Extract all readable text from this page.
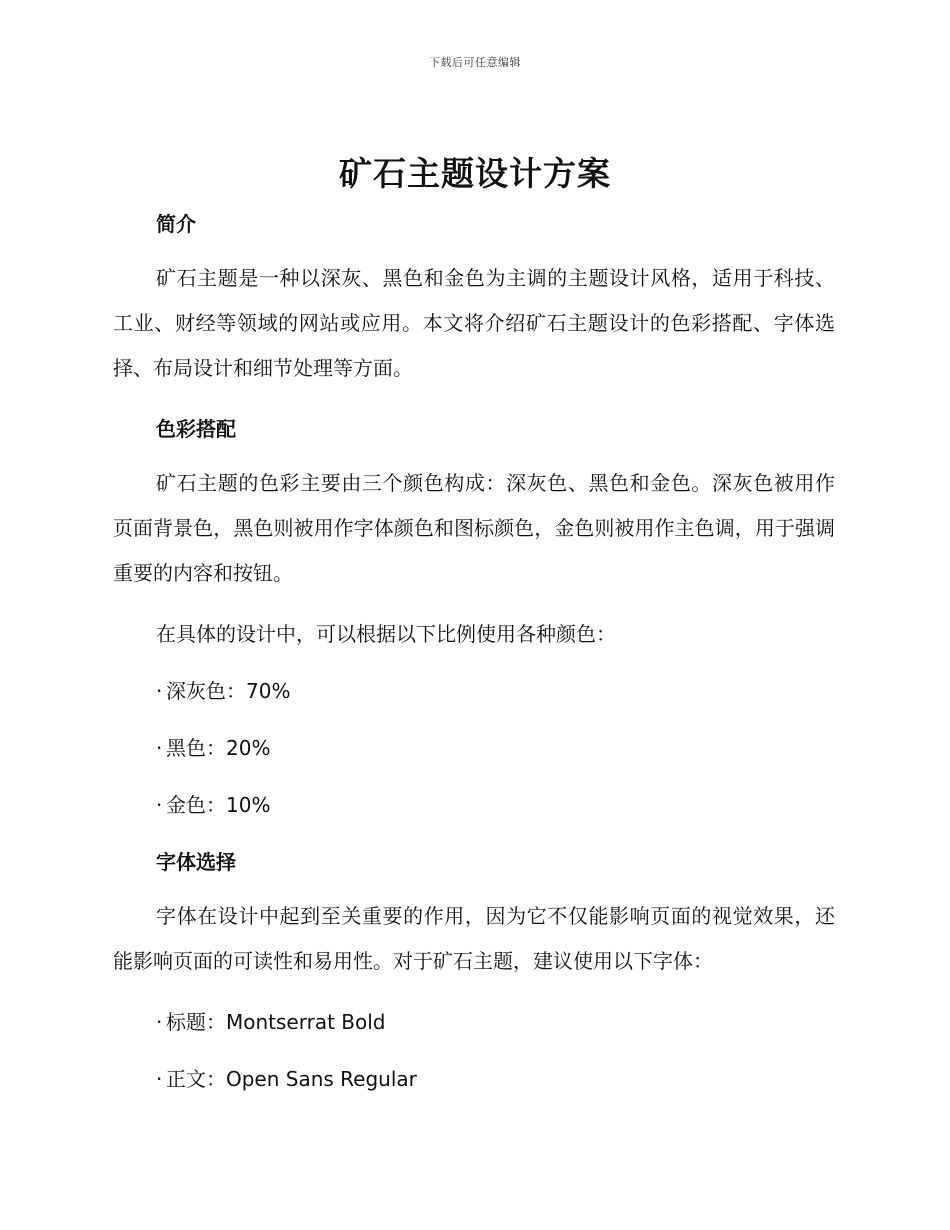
下载后可任意编辑
矿石主题设计方案
简介

矿石主题是一种以深灰、黑色和金色为主调的主题设计风格，适用于科技、工业、财经等领域的网站或应用。本文将介绍矿石主题设计的色彩搭配、字体选择、布局设计和细节处理等方面。

色彩搭配

矿石主题的色彩主要由三个颜色构成：深灰色、黑色和金色。深灰色被用作页面背景色，黑色则被用作字体颜色和图标颜色，金色则被用作主色调，用于强调重要的内容和按钮。

在具体的设计中，可以根据以下比例使用各种颜色：

· 深灰色：70%
· 黑色：20%
· 金色：10%
字体选择

字体在设计中起到至关重要的作用，因为它不仅能影响页面的视觉效果，还能影响页面的可读性和易用性。对于矿石主题，建议使用以下字体：

· 标题：Montserrat Bold
· 正文：Open Sans Regular
